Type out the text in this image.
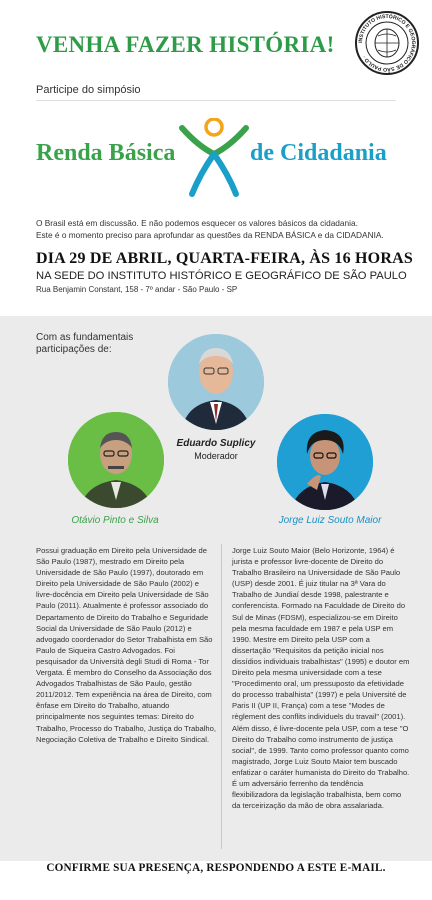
VENHA FAZER HISTÓRIA!	INSTITUTO HISTÓRICO E GEOGRÁFICO DE SÃO PAULO ·
Participe do simpósio
Renda Básica	de Cidadania
O Brasil está em discussão. E não podemos esquecer os valores básicos da cidadania.
Este é o momento preciso para aprofundar as questões da RENDA BÁSICA e da CIDADANIA.
DIA 29 DE ABRIL, QUARTA-FEIRA, ÀS 16 HORAS
NA SEDE DO INSTITUTO HISTÓRICO E GEOGRÁFICO DE SÃO PAULO
Rua Benjamin Constant, 158 - 7º andar - São Paulo - SP
Com as fundamentais participações de:
Eduardo Suplicy
Moderador
Otávio Pinto e Silva	Jorge Luiz Souto Maior
Possui graduação em Direito pela Universidade de São Paulo (1987), mestrado em Direito pela Universidade de São Paulo (1997), doutorado em Direito pela Universidade de São Paulo (2002) e livre-docência em Direito pela Universidade de São Paulo (2011). Atualmente é professor associado do Departamento de Direito do Trabalho e Seguridade Social da Universidade de São Paulo (2012) e advogado coordenador do Setor Trabalhista em São Paulo de Siqueira Castro Advogados. Foi pesquisador da Università degli Studi di Roma - Tor Vergata. É membro do Conselho da Associação dos Advogados Trabalhistas de São Paulo, gestão 2011/2012. Tem experiência na área de Direito, com ênfase em Direito do Trabalho, atuando principalmente nos seguintes temas: Direito do Trabalho, Processo do Trabalho, Justiça do Trabalho, Negociação Coletiva de Trabalho e Direito Sindical.
Jorge Luiz Souto Maior (Belo Horizonte, 1964) é jurista e professor livre-docente de Direito do Trabalho Brasileiro na Universidade de São Paulo (USP) desde 2001. É juiz titular na 3ª Vara do Trabalho de Jundiaí desde 1998, palestrante e conferencista. Formado na Faculdade de Direito do Sul de Minas (FDSM), especializou-se em Direito pela mesma faculdade em 1987 e pela USP em 1990. Mestre em Direito pela USP com a dissertação "Requisitos da petição inicial nos dissídios individuais trabalhistas" (1995) e doutor em Direito pela mesma universidade com a tese "Procedimento oral, um pressuposto da efetividade do processo trabalhista" (1997) e pela Université de Paris II (UP II, França) com a tese "Modes de règlement des conflits individuels du travail" (2001). Além disso, é livre-docente pela USP, com a tese "O Direito do Trabalho como instrumento de justiça social", de 1999. Tanto como professor quanto como magistrado, Jorge Luiz Souto Maior tem buscado enfatizar o caráter humanista do Direito do Trabalho. É um adversário ferrenho da tendência flexibilizadora da legislação trabalhista, bem como da terceirização da mão de obra assalariada.
CONFIRME SUA PRESENÇA, RESPONDENDO A ESTE E-MAIL.
